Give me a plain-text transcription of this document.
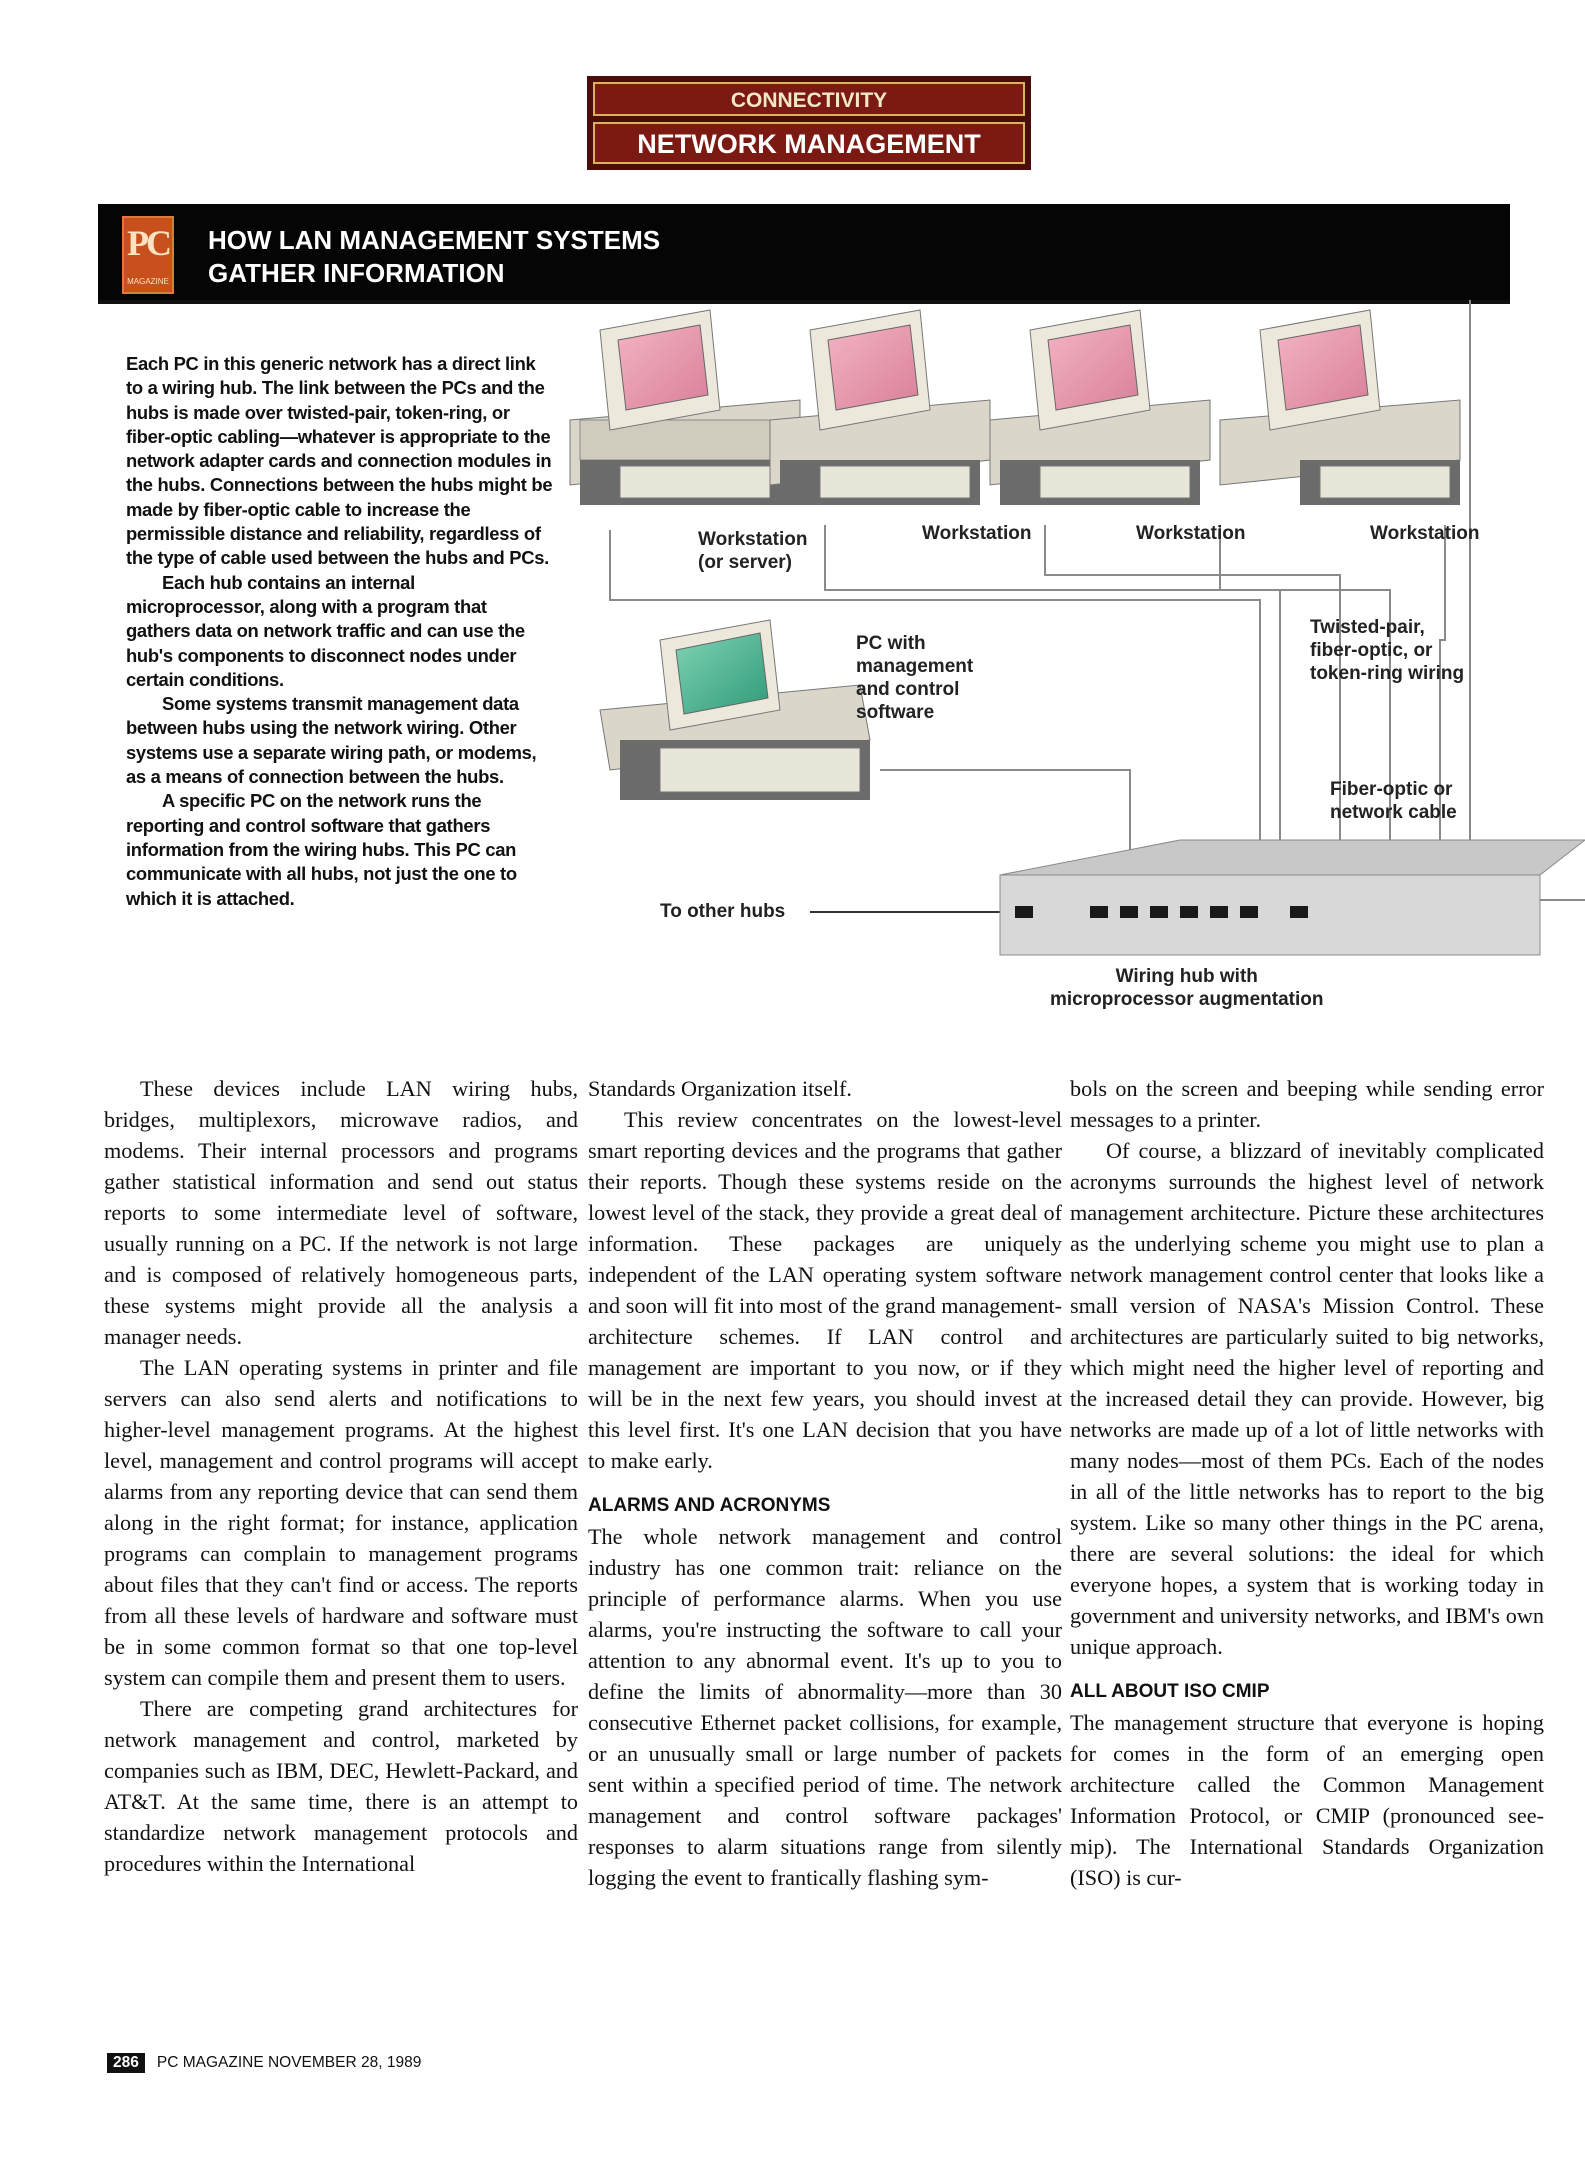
CONNECTIVITY
NETWORK MANAGEMENT
PC
MAGAZINE
HOW LAN MANAGEMENT SYSTEMS
GATHER INFORMATION

Each PC in this generic network has a direct link to a wiring hub. The link between the PCs and the hubs is made over twisted-pair, token-ring, or fiber-optic cabling—whatever is appropriate to the network adapter cards and connection modules in the hubs. Connections between the hubs might be made by fiber-optic cable to increase the permissible distance and reliability, regardless of the type of cable used between the hubs and PCs.

Each hub contains an internal microprocessor, along with a program that gathers data on network traffic and can use the hub's components to disconnect nodes under certain conditions.

Some systems transmit management data between hubs using the network wiring. Other systems use a separate wiring path, or modems, as a means of connection between the hubs.

A specific PC on the network runs the reporting and control software that gathers information from the wiring hubs. This PC can communicate with all hubs, not just the one to which it is attached.

Workstation
(or server)
Workstation	Workstation	Workstation
PC with
management
and control
software
Twisted-pair,
fiber-optic, or
token-ring wiring
Fiber-optic or
network cable
To other hubs
Wiring hub with
microprocessor augmentation

These devices include LAN wiring hubs, bridges, multiplexors, microwave radios, and modems. Their internal processors and programs gather statistical information and send out status reports to some intermediate level of software, usually running on a PC. If the network is not large and is composed of relatively homogeneous parts, these systems might provide all the analysis a manager needs.

The LAN operating systems in printer and file servers can also send alerts and notifications to higher-level management programs. At the highest level, management and control programs will accept alarms from any reporting device that can send them along in the right format; for instance, application programs can complain to management programs about files that they can't find or access. The reports from all these levels of hardware and software must be in some common format so that one top-level system can compile them and present them to users.

There are competing grand architectures for network management and control, marketed by companies such as IBM, DEC, Hewlett-Packard, and AT&T. At the same time, there is an attempt to standardize network management protocols and procedures within the International

Standards Organization itself.

This review concentrates on the lowest-level smart reporting devices and the programs that gather their reports. Though these systems reside on the lowest level of the stack, they provide a great deal of information. These packages are uniquely independent of the LAN operating system software and soon will fit into most of the grand management-architecture schemes. If LAN control and management are important to you now, or if they will be in the next few years, you should invest at this level first. It's one LAN decision that you have to make early.

ALARMS AND ACRONYMS

The whole network management and control industry has one common trait: reliance on the principle of performance alarms. When you use alarms, you're instructing the software to call your attention to any abnormal event. It's up to you to define the limits of abnormality—more than 30 consecutive Ethernet packet collisions, for example, or an unusually small or large number of packets sent within a specified period of time. The network management and control software packages' responses to alarm situations range from silently logging the event to frantically flashing sym-

bols on the screen and beeping while sending error messages to a printer.

Of course, a blizzard of inevitably complicated acronyms surrounds the highest level of network management architecture. Picture these architectures as the underlying scheme you might use to plan a network management control center that looks like a small version of NASA's Mission Control. These architectures are particularly suited to big networks, which might need the higher level of reporting and the increased detail they can provide. However, big networks are made up of a lot of little networks with many nodes—most of them PCs. Each of the nodes in all of the little networks has to report to the big system. Like so many other things in the PC arena, there are several solutions: the ideal for which everyone hopes, a system that is working today in government and university networks, and IBM's own unique approach.

ALL ABOUT ISO CMIP

The management structure that everyone is hoping for comes in the form of an emerging open architecture called the Common Management Information Protocol, or CMIP (pronounced see-mip). The International Standards Organization (ISO) is cur-

286 PC MAGAZINE NOVEMBER 28, 1989
